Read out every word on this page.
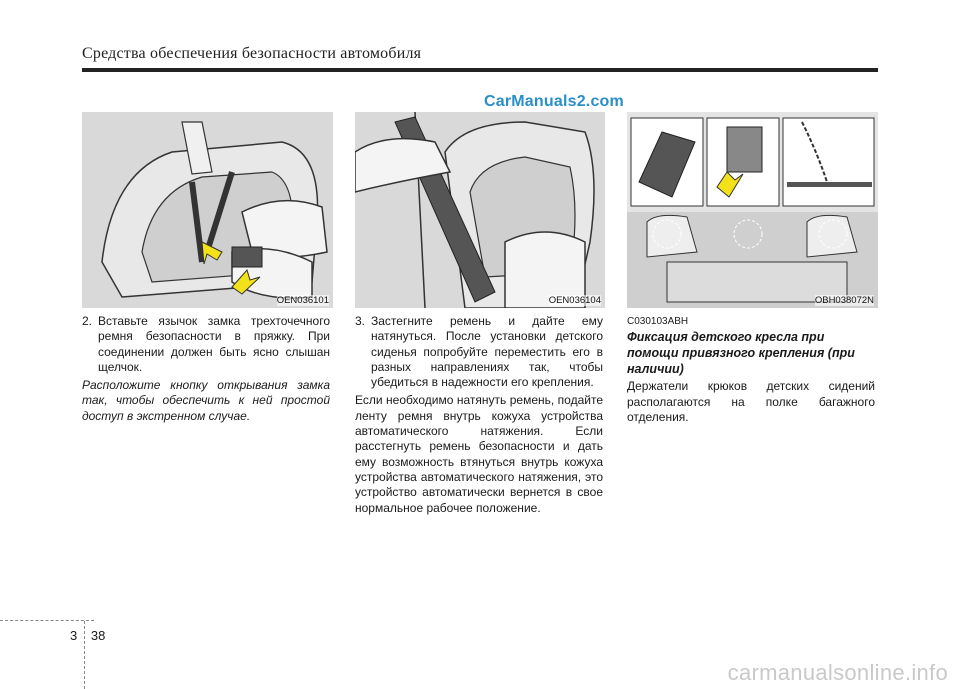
Средства обеспечения безопасности автомобиля
CarManuals2.com
OEN036101	OEN036104	OBH038072N
2. Вставьте язычок замка трехточечного ремня безопасности в пряжку. При соединении должен быть ясно слышан щелчок.

Расположите кнопку открывания замка так, чтобы обеспечить к ней простой доступ в экстренном случае.

3. Застегните ремень и дайте ему натянуться. После установки детского сиденья попробуйте переместить его в разных направлениях так, чтобы убедиться в надежности его крепления.

Если необходимо натянуть ремень, подайте ленту ремня внутрь кожуха устройства автоматического натяжения. Если расстегнуть ремень безопасности и дать ему возможность втянуться внутрь кожуха устройства автоматического натяжения, это устройство автоматически вернется в свое нормальное рабочее положение.

C030103ABH

Фиксация детского кресла при помощи привязного крепления (при наличии)

Держатели крюков детских сидений располагаются на полке багажного отделения.

3 38
carmanualsonline.info
